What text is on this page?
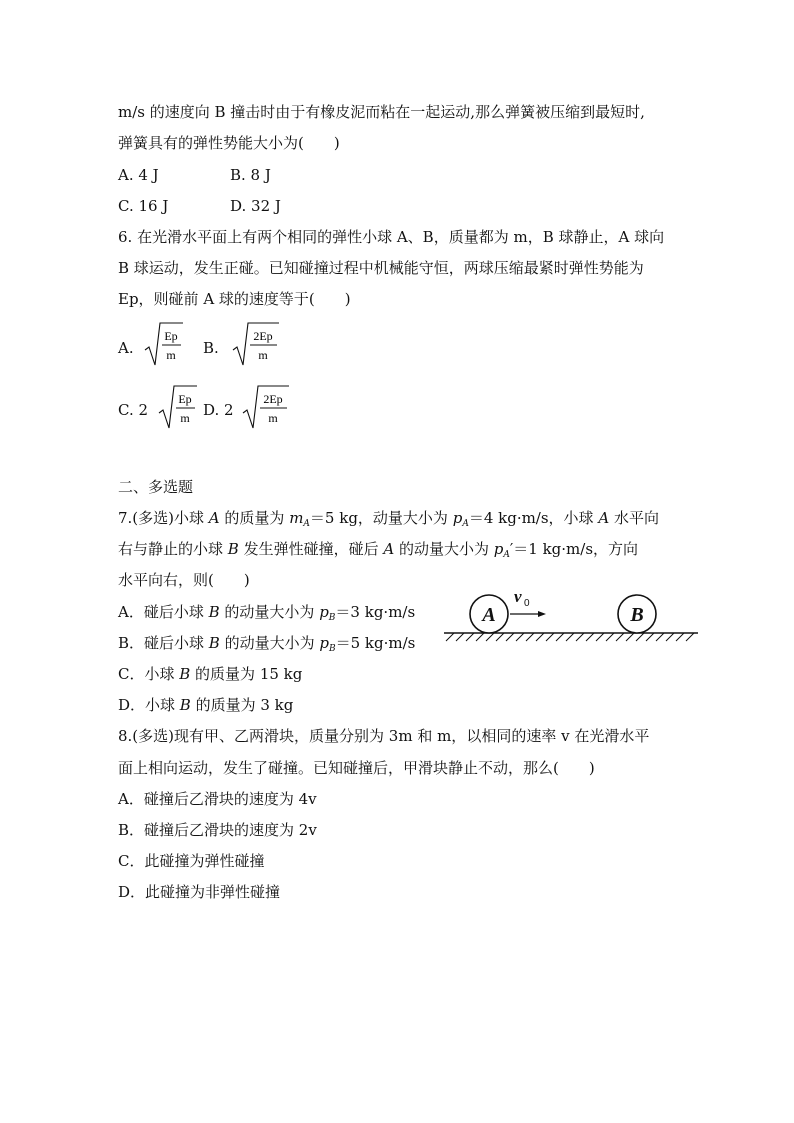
m/s 的速度向 B 撞击时由于有橡皮泥而粘在一起运动,那么弹簧被压缩到最短时,
弹簧具有的弹性势能大小为(　　)
A. 4 J	B. 8 J
C. 16 J	D. 32 J
6. 在光滑水平面上有两个相同的弹性小球 A、B，质量都为 m，B 球静止，A 球向
B 球运动，发生正碰。已知碰撞过程中机械能守恒，两球压缩最紧时弹性势能为
Ep，则碰前 A 球的速度等于(　　)
A.
Ep
m B.
2Ep
m
C. 2
Ep
m D. 2
2Ep
m
二、多选题
7.(多选)小球 A 的质量为 $m_A=5$ kg，动量大小为 $p_A=4$ kg·m/s，小球 A 水平向
右与静止的小球 B 发生弹性碰撞，碰后 A 的动量大小为 $p_A'=1$ kg·m/s，方向
水平向右，则(　　)
A．碰后小球 B 的动量大小为 $p_B=3$ kg·m/s
B．碰后小球 B 的动量大小为 $p_B=5$ kg·m/s
C．小球 B 的质量为 15 kg
D．小球 B 的质量为 3 kg
A	B
v 0
8.(多选)现有甲、乙两滑块，质量分别为 3m 和 m，以相同的速率 v 在光滑水平
面上相向运动，发生了碰撞。已知碰撞后，甲滑块静止不动，那么(　　)
A．碰撞后乙滑块的速度为 4v
B．碰撞后乙滑块的速度为 2v
C．此碰撞为弹性碰撞
D．此碰撞为非弹性碰撞
